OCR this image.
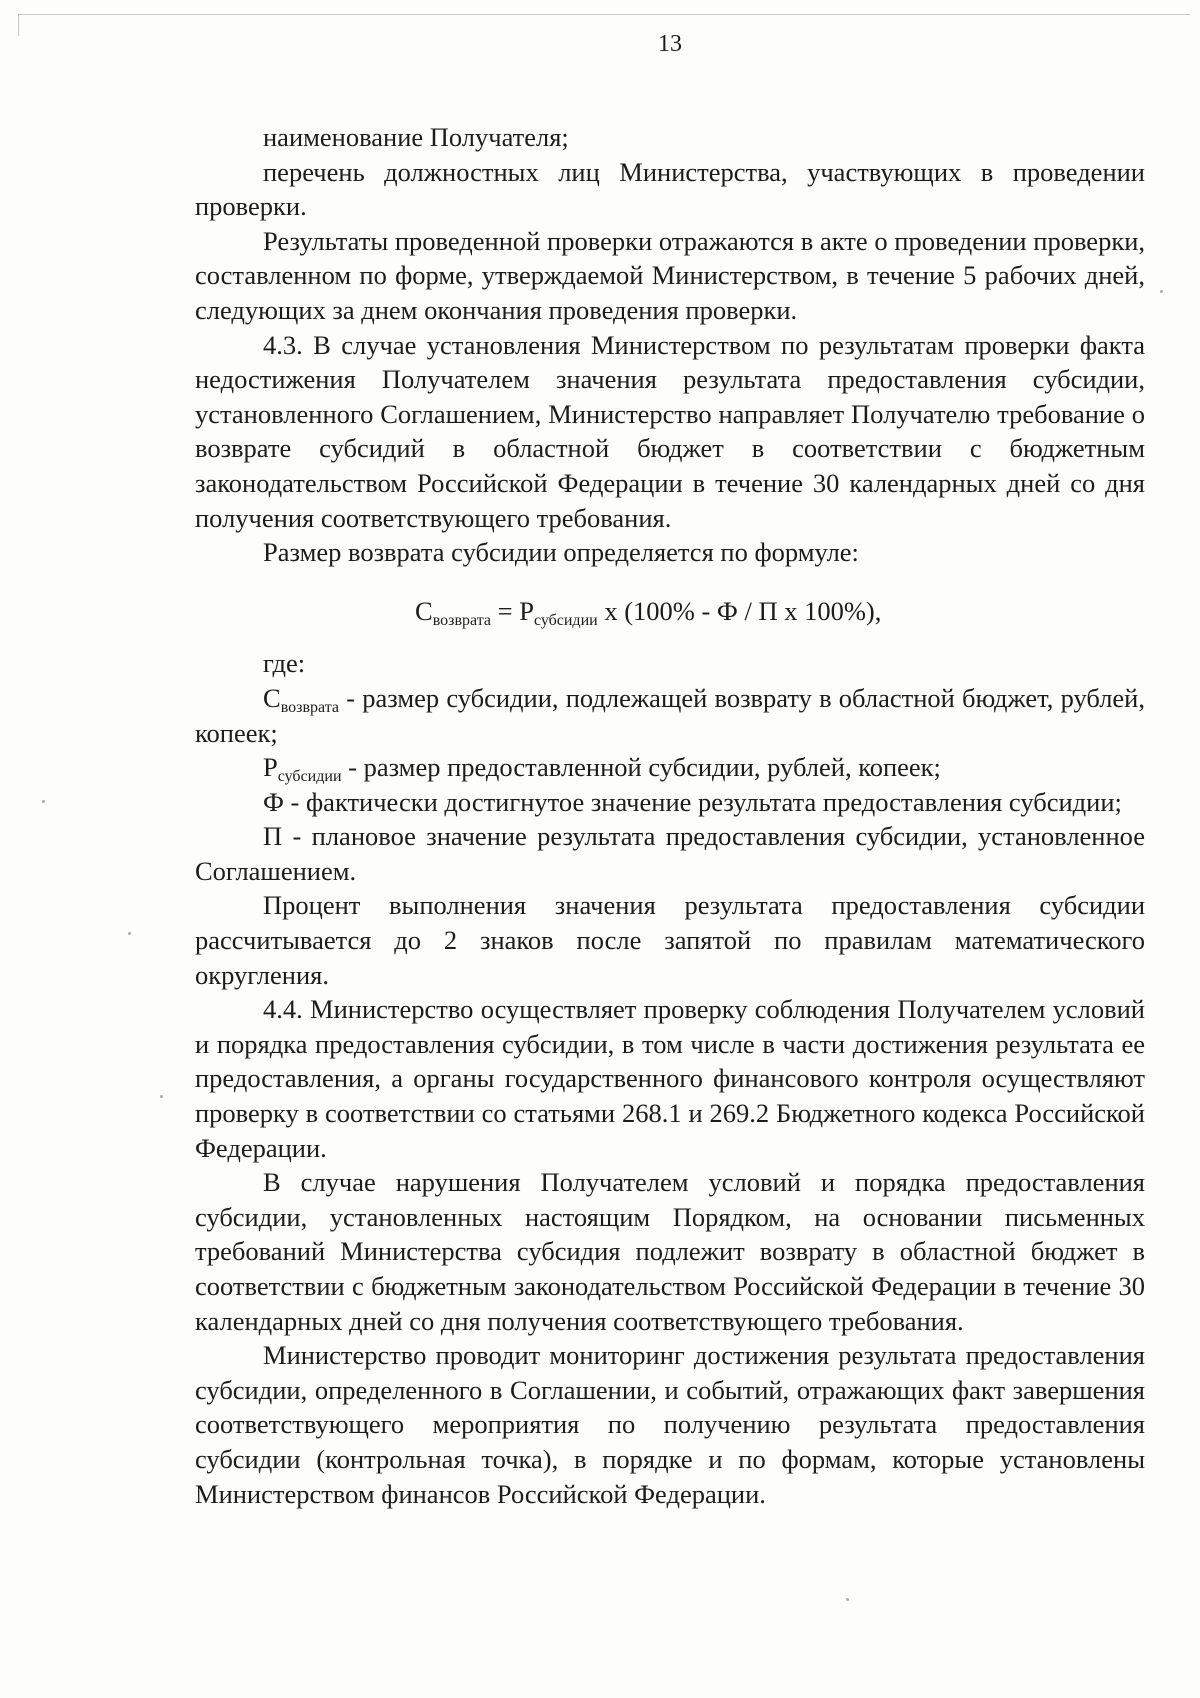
13

наименование Получателя;

перечень должностных лиц Министерства, участвующих в проведении проверки.

Результаты проведенной проверки отражаются в акте о проведении проверки, составленном по форме, утверждаемой Министерством, в течение 5 рабочих дней, следующих за днем окончания проведения проверки.

4.3. В случае установления Министерством по результатам проверки факта недостижения Получателем значения результата предоставления субсидии, установленного Соглашением, Министерство направляет Получателю требование о возврате субсидий в областной бюджет в соответствии с бюджетным законодательством Российской Федерации в течение 30 календарных дней со дня получения соответствующего требования.

Размер возврата субсидии определяется по формуле:

$С_{возврата} = Р_{субсидии}$ х (100% - Ф / П х 100%),

где:

$С_{возврата}$ - размер субсидии, подлежащей возврату в областной бюджет, рублей, копеек;

$Р_{субсидии}$ - размер предоставленной субсидии, рублей, копеек;

Ф - фактически достигнутое значение результата предоставления субсидии;

П - плановое значение результата предоставления субсидии, установленное Соглашением.

Процент выполнения значения результата предоставления субсидии рассчитывается до 2 знаков после запятой по правилам математического округления.

4.4. Министерство осуществляет проверку соблюдения Получателем условий и порядка предоставления субсидии, в том числе в части достижения результата ее предоставления, а органы государственного финансового контроля осуществляют проверку в соответствии со статьями 268.1 и 269.2 Бюджетного кодекса Российской Федерации.

В случае нарушения Получателем условий и порядка предоставления субсидии, установленных настоящим Порядком, на основании письменных требований Министерства субсидия подлежит возврату в областной бюджет в соответствии с бюджетным законодательством Российской Федерации в течение 30 календарных дней со дня получения соответствующего требования.

Министерство проводит мониторинг достижения результата предоставления субсидии, определенного в Соглашении, и событий, отражающих факт завершения соответствующего мероприятия по получению результата предоставления субсидии (контрольная точка), в порядке и по формам, которые установлены Министерством финансов Российской Федерации.
